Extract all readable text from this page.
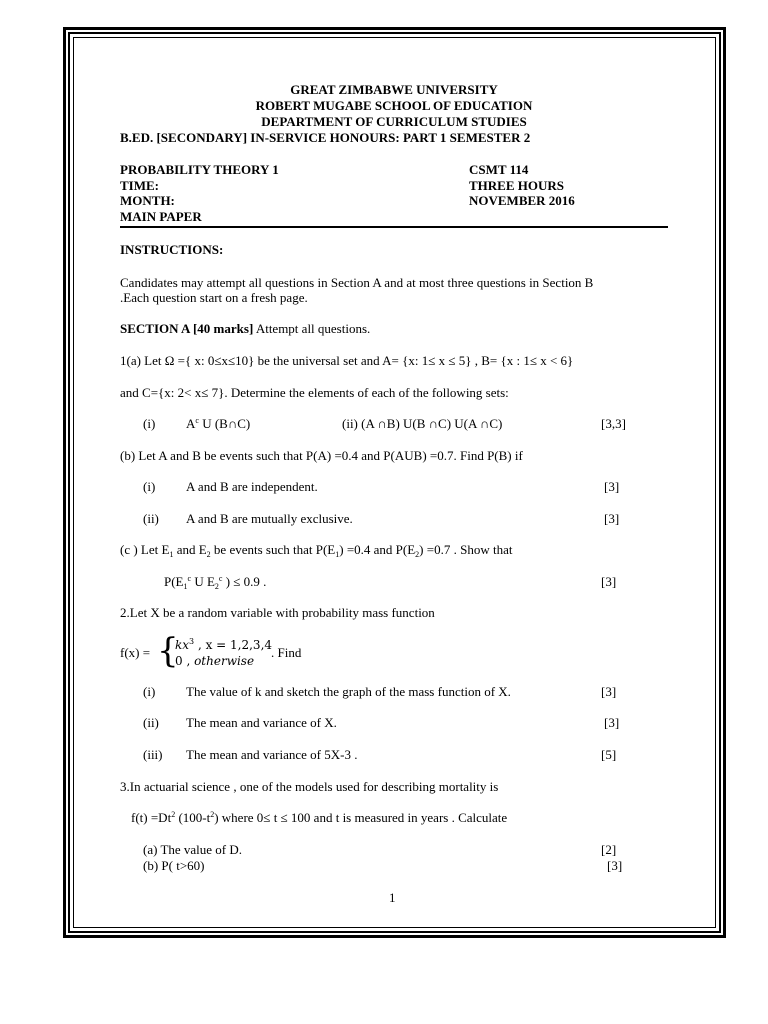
GREAT ZIMBABWE UNIVERSITY
ROBERT MUGABE SCHOOL OF EDUCATION
DEPARTMENT OF CURRICULUM STUDIES
B.ED. [SECONDARY] IN-SERVICE HONOURS: PART 1 SEMESTER 2
PROBABILITY THEORY 1	CSMT 114
TIME:	THREE HOURS
MONTH:	NOVEMBER 2016
MAIN PAPER
INSTRUCTIONS:
Candidates may attempt all questions in Section A and at most three questions in Section B
.Each question start on a fresh page.
SECTION A [40 marks] Attempt all questions.
1(a) Let Ω ={ x: 0≤x≤10} be the universal set and A= {x: 1≤ x ≤ 5} , B= {x : 1≤ x < 6}
and C={x: 2< x≤ 7}. Determine the elements of each of the following sets:
(i) $A^c$ U (B∩C)	(ii) (A ∩B) U(B ∩C) U(A ∩C)	[3,3]
(b) Let A and B be events such that P(A) =0.4 and P(AUB) =0.7. Find P(B) if
(i) A and B are independent.	[3]
(ii) A and B are mutually exclusive.	[3]
(c ) Let $E_1$ and $E_2$ be events such that $P(E_1) =0.4$ and $P(E_2) =0.7$ . Show that
$P(E_1^c$ U $E_2^c$ ) ≤ 0.9 .	[3]
2.Let X be a random variable with probability mass function
f(x) = {
$kx^3$ , x = 1,2,3,4
0 , otherwise
. Find
(i) The value of k and sketch the graph of the mass function of X.	[3]
(ii) The mean and variance of X.	[3]
(iii) The mean and variance of 5X-3 .	[5]
3.In actuarial science , one of the models used for describing mortality is
$f(t) =Dt^2$ $(100-t^2)$ where 0≤ t ≤ 100 and t is measured in years . Calculate
(a) The value of D.	[2]
(b) P( t>60)	[3]
1
